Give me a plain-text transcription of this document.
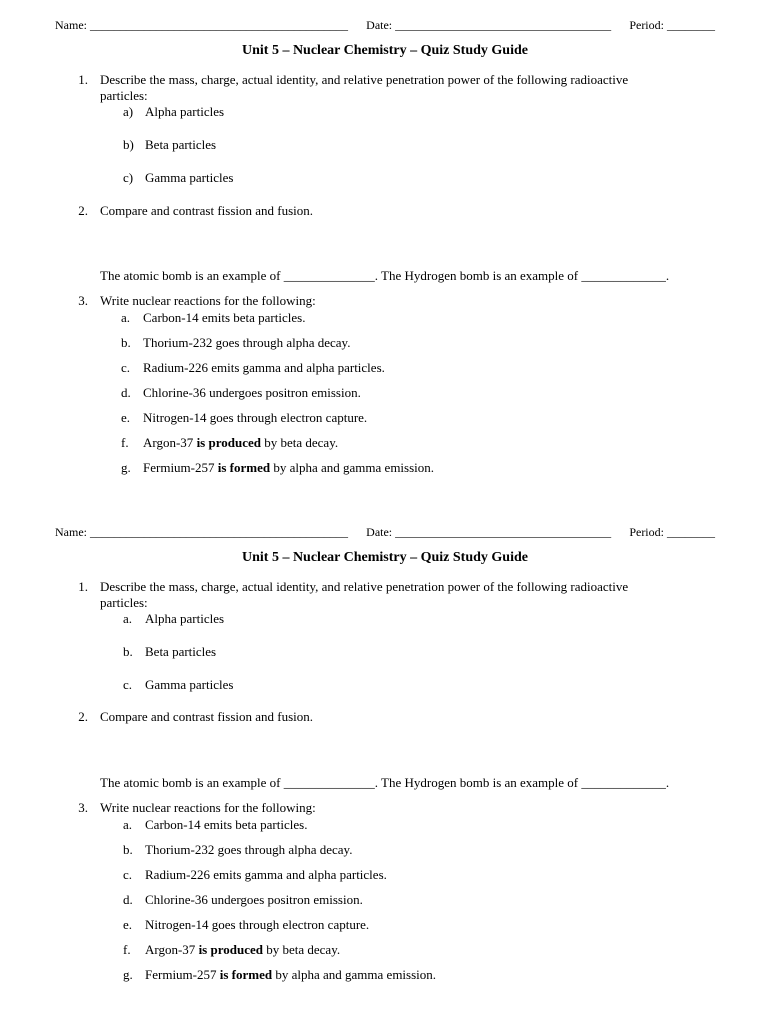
Name: ___________________________________________ Date: ____________________________________ Period: ________
Unit 5 – Nuclear Chemistry – Quiz Study Guide
1. Describe the mass, charge, actual identity, and relative penetration power of the following radioactive
particles:
a) Alpha particles
b) Beta particles
c) Gamma particles
2. Compare and contrast fission and fusion.
The atomic bomb is an example of ______________. The Hydrogen bomb is an example of _____________.
3. Write nuclear reactions for the following:
a. Carbon-14 emits beta particles.
b. Thorium-232 goes through alpha decay.
c. Radium-226 emits gamma and alpha particles.
d. Chlorine-36 undergoes positron emission.
e. Nitrogen-14 goes through electron capture.
f. Argon-37 is produced by beta decay.
g. Fermium-257 is formed by alpha and gamma emission.
Name: ___________________________________________ Date: ____________________________________ Period: ________
Unit 5 – Nuclear Chemistry – Quiz Study Guide
1. Describe the mass, charge, actual identity, and relative penetration power of the following radioactive
particles:
a. Alpha particles
b. Beta particles
c. Gamma particles
2. Compare and contrast fission and fusion.
The atomic bomb is an example of ______________. The Hydrogen bomb is an example of _____________.
3. Write nuclear reactions for the following:
a. Carbon-14 emits beta particles.
b. Thorium-232 goes through alpha decay.
c. Radium-226 emits gamma and alpha particles.
d. Chlorine-36 undergoes positron emission.
e. Nitrogen-14 goes through electron capture.
f. Argon-37 is produced by beta decay.
g. Fermium-257 is formed by alpha and gamma emission.
